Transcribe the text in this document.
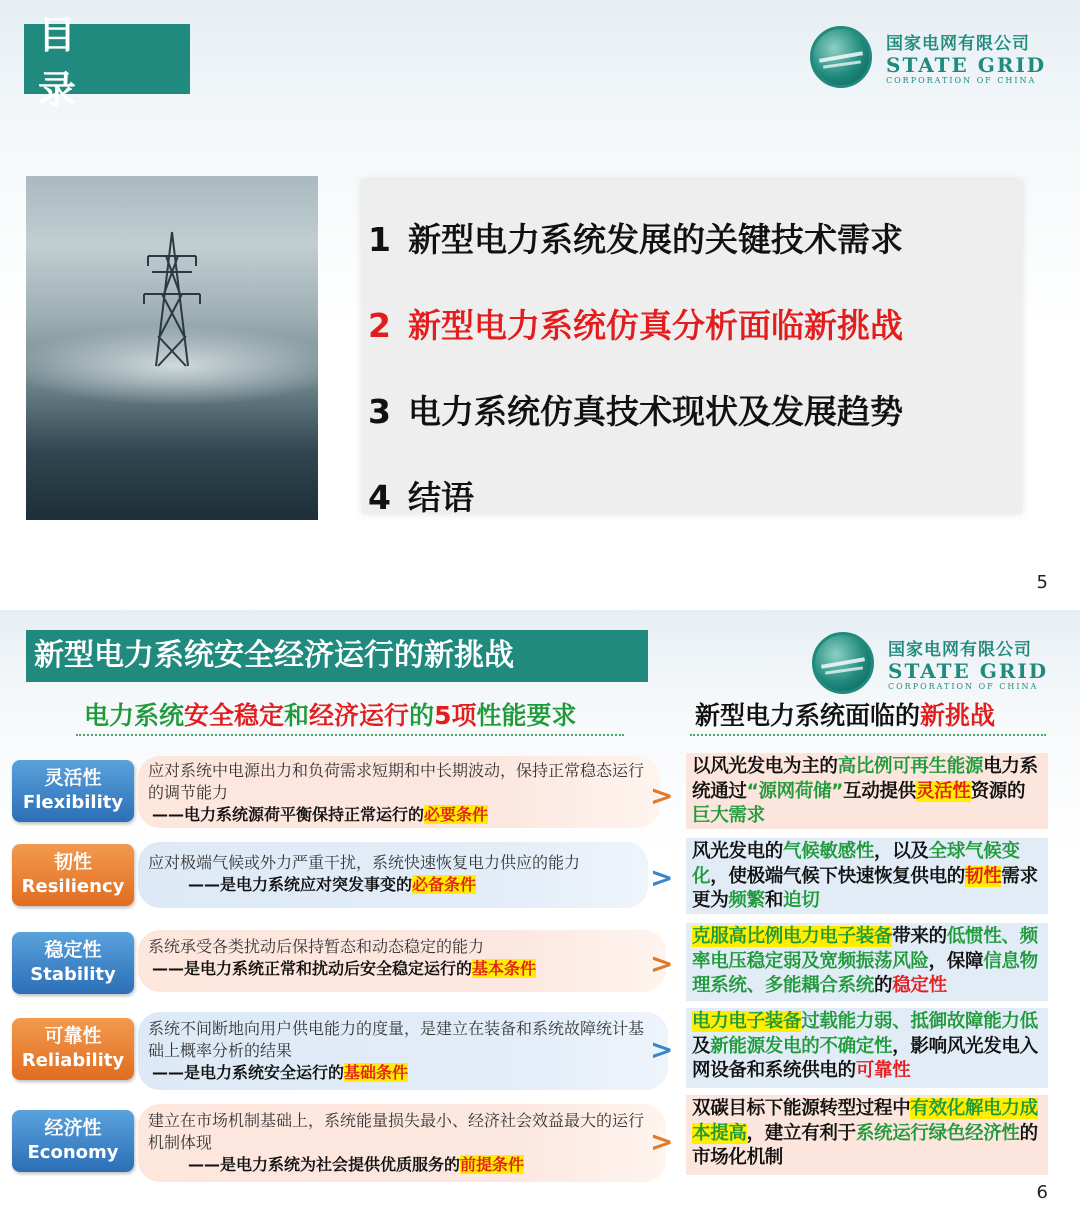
目 录
国家电网有限公司
STATE GRID
CORPORATION OF CHINA
1 新型电力系统发展的关键技术需求
2 新型电力系统仿真分析面临新挑战
3 电力系统仿真技术现状及发展趋势
4 结语
5
新型电力系统安全经济运行的新挑战	国家电网有限公司
STATE GRID
CORPORATION OF CHINA
电力系统安全稳定和经济运行的5项性能要求	新型电力系统面临的新挑战
灵活性
Flexibility
应对系统中电源出力和负荷需求短期和中长期波动，保持正常稳态运行的调节能力
——电力系统源荷平衡保持正常运行的必要条件
>
以风光发电为主的高比例可再生能源电力系统通过“源网荷储”互动提供灵活性资源的巨大需求
韧性
Resiliency
应对极端气候或外力严重干扰，系统快速恢复电力供应的能力
——是电力系统应对突发事变的必备条件	>
风光发电的气候敏感性，以及全球气候变化，使极端气候下快速恢复供电的韧性需求更为频繁和迫切
稳定性
Stability
系统承受各类扰动后保持暂态和动态稳定的能力
——是电力系统正常和扰动后安全稳定运行的基本条件	>
克服高比例电力电子装备带来的低惯性、频率电压稳定弱及宽频振荡风险，保障信息物理系统、多能耦合系统的稳定性
可靠性
Reliability
系统不间断地向用户供电能力的度量，是建立在装备和系统故障统计基础上概率分析的结果
——是电力系统安全运行的基础条件
>
电力电子装备过载能力弱、抵御故障能力低及新能源发电的不确定性，影响风光发电入网设备和系统供电的可靠性
经济性
Economy
建立在市场机制基础上，系统能量损失最小、经济社会效益最大的运行机制体现
——是电力系统为社会提供优质服务的前提条件
>
双碳目标下能源转型过程中有效化解电力成本提高，建立有利于系统运行绿色经济性的市场化机制
6
